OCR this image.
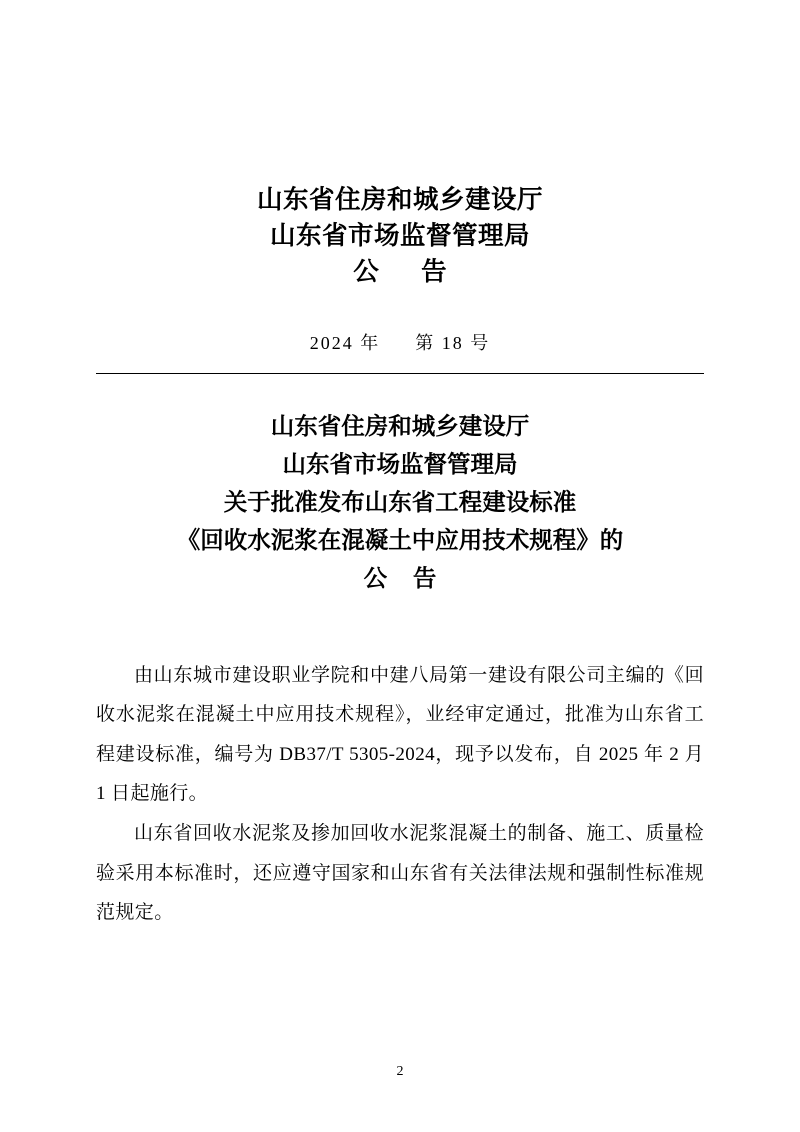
山东省住房和城乡建设厅
山东省市场监督管理局
公 告
2024 年 第 18 号
山东省住房和城乡建设厅
山东省市场监督管理局
关于批准发布山东省工程建设标准
《回收水泥浆在混凝土中应用技术规程》的
公 告

由山东城市建设职业学院和中建八局第一建设有限公司主编的《回收水泥浆在混凝土中应用技术规程》，业经审定通过，批准为山东省工程建设标准，编号为 DB37/T 5305-2024，现予以发布，自 2025 年 2 月 1 日起施行。

山东省回收水泥浆及掺加回收水泥浆混凝土的制备、施工、质量检验采用本标准时，还应遵守国家和山东省有关法律法规和强制性标准规范规定。

2
